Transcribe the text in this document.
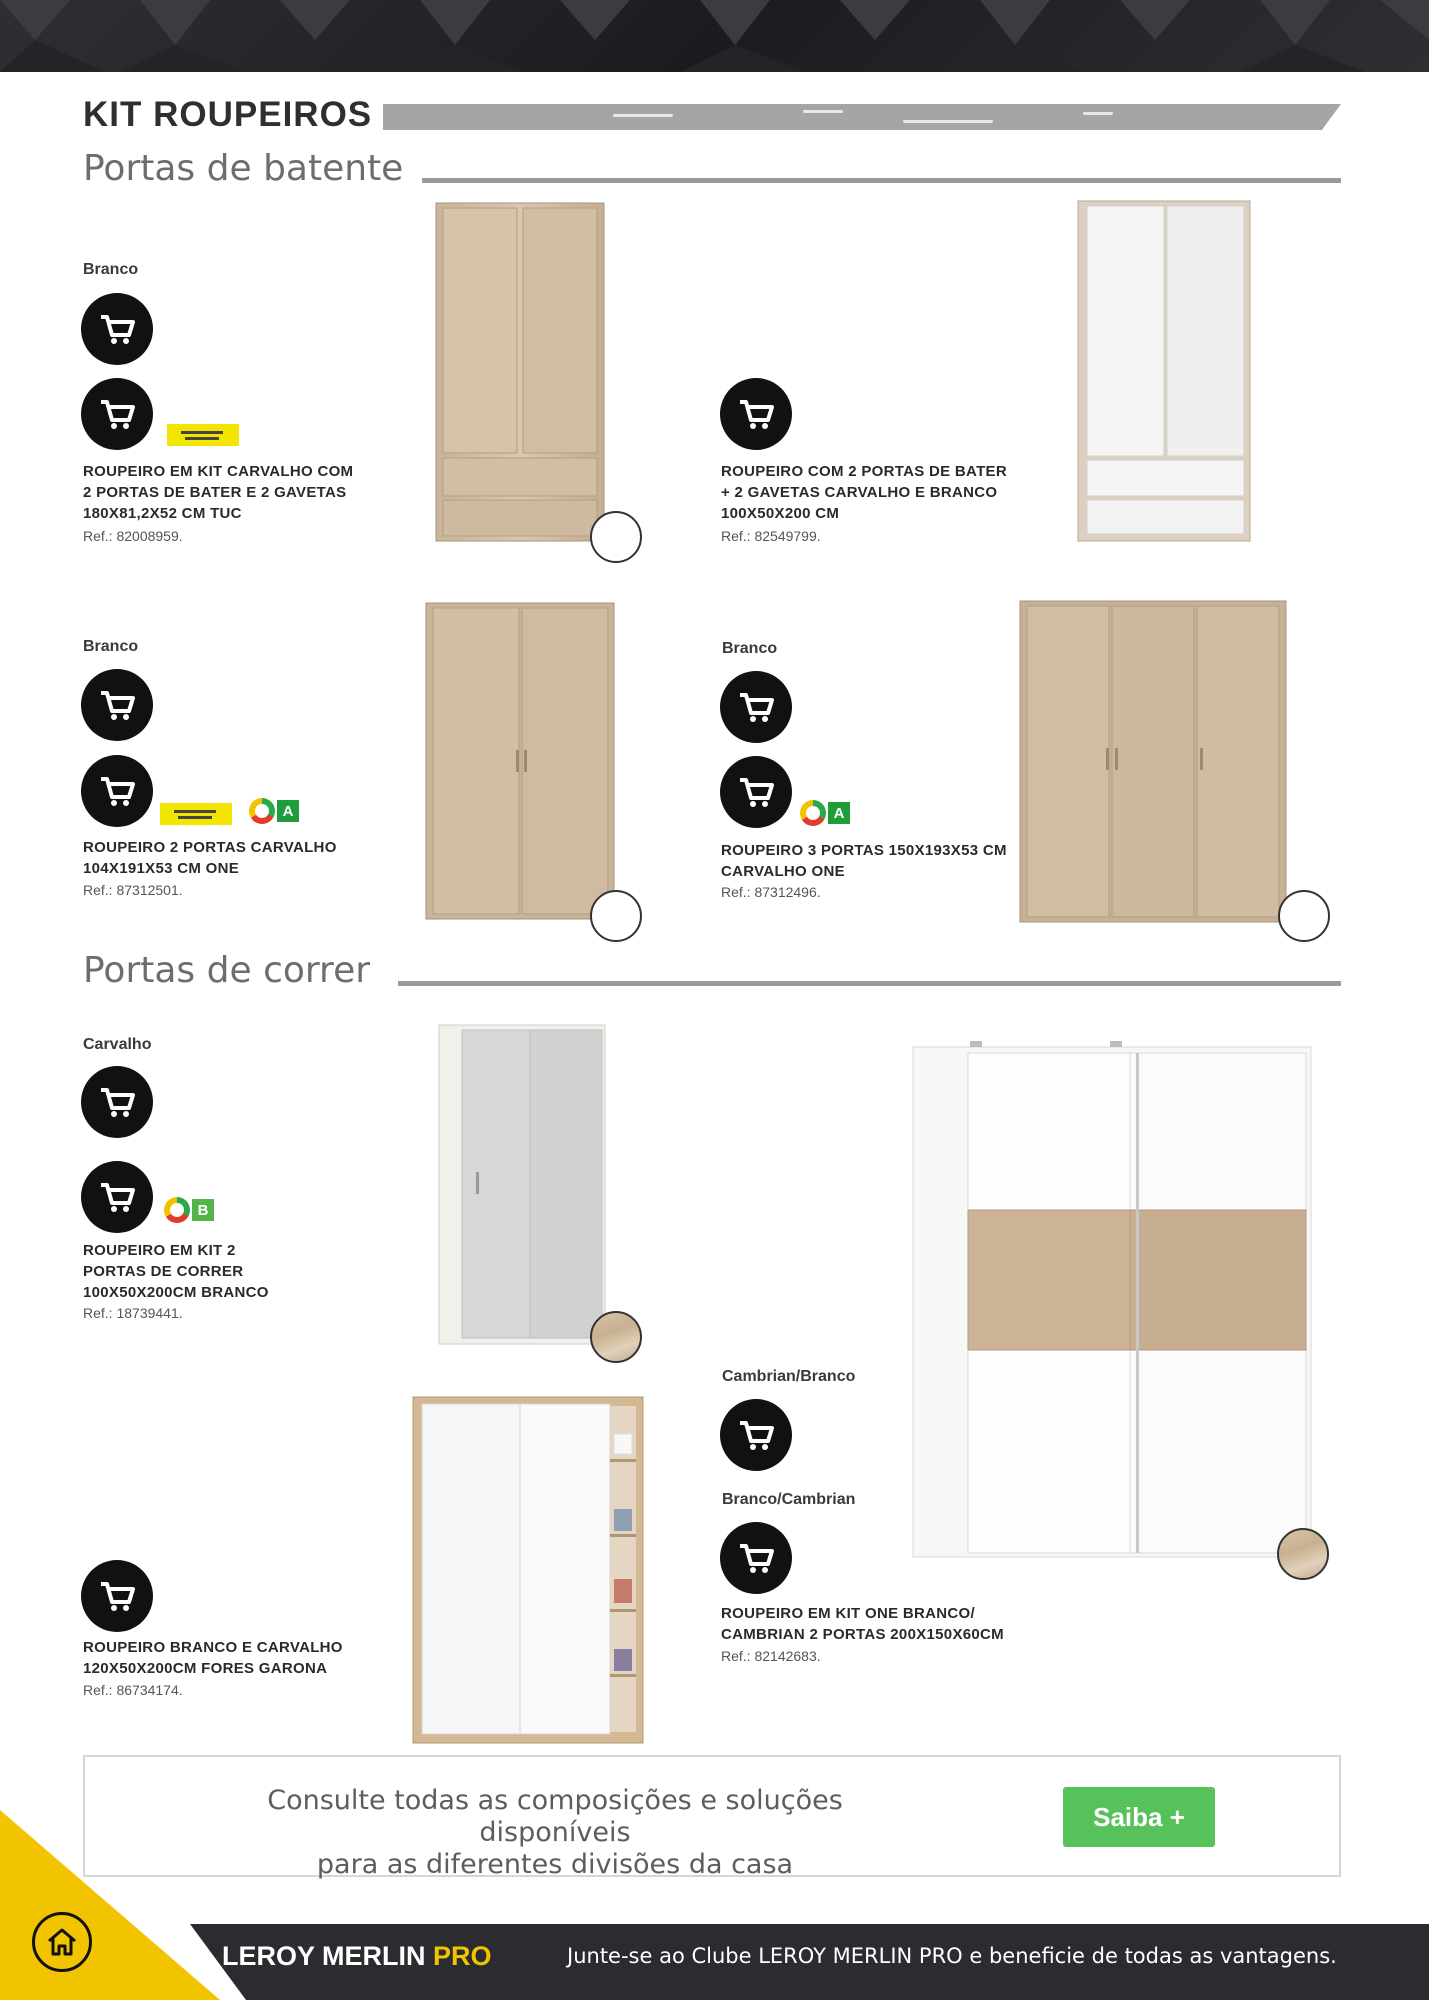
KIT ROUPEIROS
Portas de batente
Branco
ROUPEIRO EM KIT CARVALHO COM
2 PORTAS DE BATER E 2 GAVETAS
180X81,2X52 CM TUC
Ref.: 82008959.
ROUPEIRO COM 2 PORTAS DE BATER
+ 2 GAVETAS CARVALHO E BRANCO
100X50X200 CM
Ref.: 82549799.
Branco
A
ROUPEIRO 2 PORTAS CARVALHO
104X191X53 CM ONE
Ref.: 87312501.
Branco
A
ROUPEIRO 3 PORTAS 150X193X53 CM
CARVALHO ONE
Ref.: 87312496.
Portas de correr
Carvalho
B
ROUPEIRO EM KIT 2
PORTAS DE CORRER
100X50X200CM BRANCO
Ref.: 18739441.
ROUPEIRO BRANCO E CARVALHO
120X50X200CM FORES GARONA
Ref.: 86734174.
Cambrian/Branco
Branco/Cambrian
ROUPEIRO EM KIT ONE BRANCO/
CAMBRIAN 2 PORTAS 200X150X60CM
Ref.: 82142683.
Consulte todas as composições e soluções disponíveis
para as diferentes divisões da casa
Saiba +
LEROY MERLIN PRO	Junte-se ao Clube LEROY MERLIN PRO e beneficie de todas as vantagens.
